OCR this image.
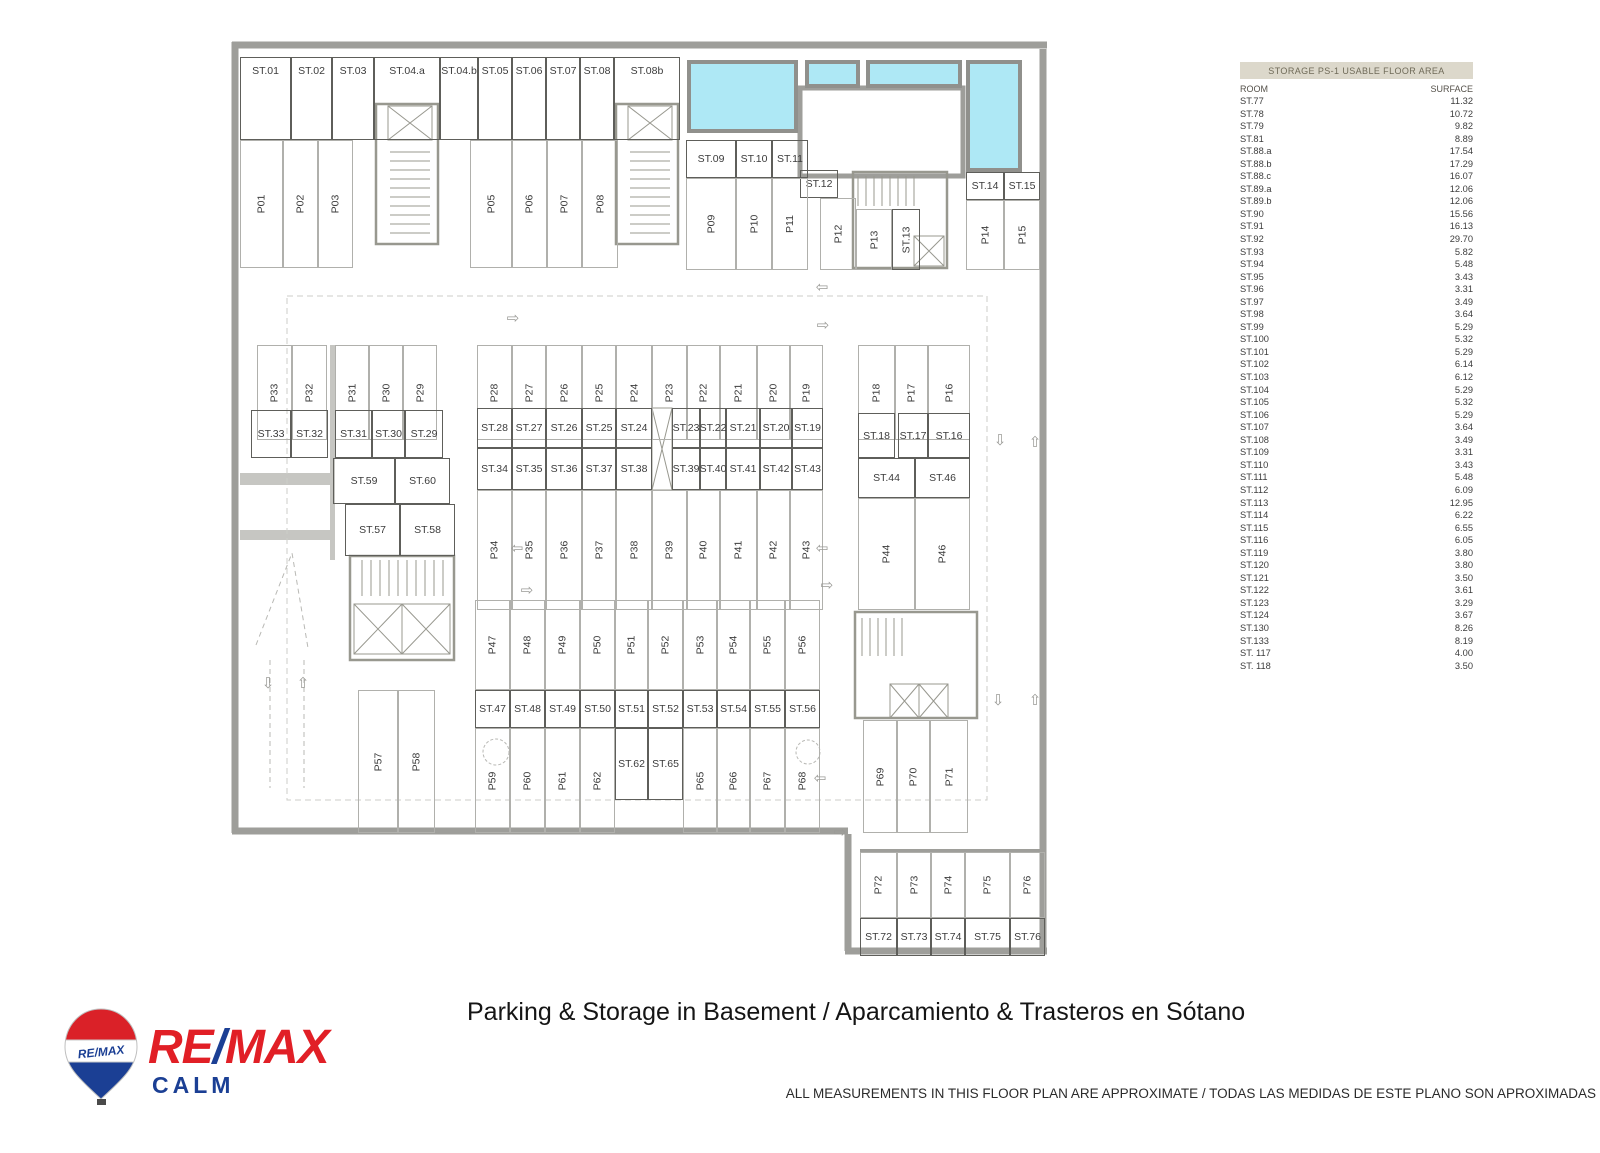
ST.01 ST.02 ST.03 ST.04.a ST.04.b ST.05 ST.06 ST.07 ST.08 ST.08b
P01	P02 P03	P05	P06 P07 P08
ST.09 ST.10 ST.11
ST.12
P09	P10 P11
P12 P13 ST.13
ST.14 ST.15
P14 P15
P33 P32	P31 P30 P29
ST.33 ST.32 ST.31 ST.30 ST.29
ST.59	ST.60
ST.57	ST.58
P28 P27 P26 P25 P24
ST.28 ST.27 ST.26 ST.25 ST.24
ST.34 ST.35 ST.36 ST.37 ST.38
P34 P35 P36 P37 P38
P23 P22 P21 P20 P19
ST.23 ST.22 ST.21 ST.20 ST.19
ST.39 ST.40 ST.41 ST.42 ST.43
P39 P40 P41 P42 P43
P18 P17 P16
ST.18 ST.17 ST.16
ST.44	ST.46
P44	P46
P47 P48 P49 P50 P51 P52 P53 P54 P55 P56
ST.47 ST.48 ST.49 ST.50 ST.51 ST.52 ST.53 ST.54 ST.55 ST.56
P59 P60 P61 P62
ST.62 ST.65
P65 P66 P67 P68
P57	P58
P69 P70 P71
P72 P73 P74	P75	P76
ST.72 ST.73 ST.74 ST.75 ST.76
⇨
⇦
⇨
⇦	⇦
⇨	⇨
⇦
⇨
⇩ ⇧
⇩ ⇧
⇩ ⇧
STORAGE PS-1 USABLE FLOOR AREA
ROOM	SURFACE
ST.77	11.32
ST.78	10.72
ST.79	9.82
ST.81	8.89
ST.88.a	17.54
ST.88.b	17.29
ST.88.c	16.07
ST.89.a	12.06
ST.89.b	12.06
ST.90	15.56
ST.91	16.13
ST.92	29.70
ST.93	5.82
ST.94	5.48
ST.95	3.43
ST.96	3.31
ST.97	3.49
ST.98	3.64
ST.99	5.29
ST.100	5.32
ST.101	5.29
ST.102	6.14
ST.103	6.12
ST.104	5.29
ST.105	5.32
ST.106	5.29
ST.107	3.64
ST.108	3.49
ST.109	3.31
ST.110	3.43
ST.111	5.48
ST.112	6.09
ST.113	12.95
ST.114	6.22
ST.115	6.55
ST.116	6.05
ST.119	3.80
ST.120	3.80
ST.121	3.50
ST.122	3.61
ST.123	3.29
ST.124	3.67
ST.130	8.26
ST.133	8.19
ST. 117	4.00
ST. 118	3.50
RE/MAX RE/MAX
CALM
Parking & Storage in Basement / Aparcamiento & Trasteros en Sótano
ALL MEASUREMENTS IN THIS FLOOR PLAN ARE APPROXIMATE / TODAS LAS MEDIDAS DE ESTE PLANO SON APROXIMADAS
